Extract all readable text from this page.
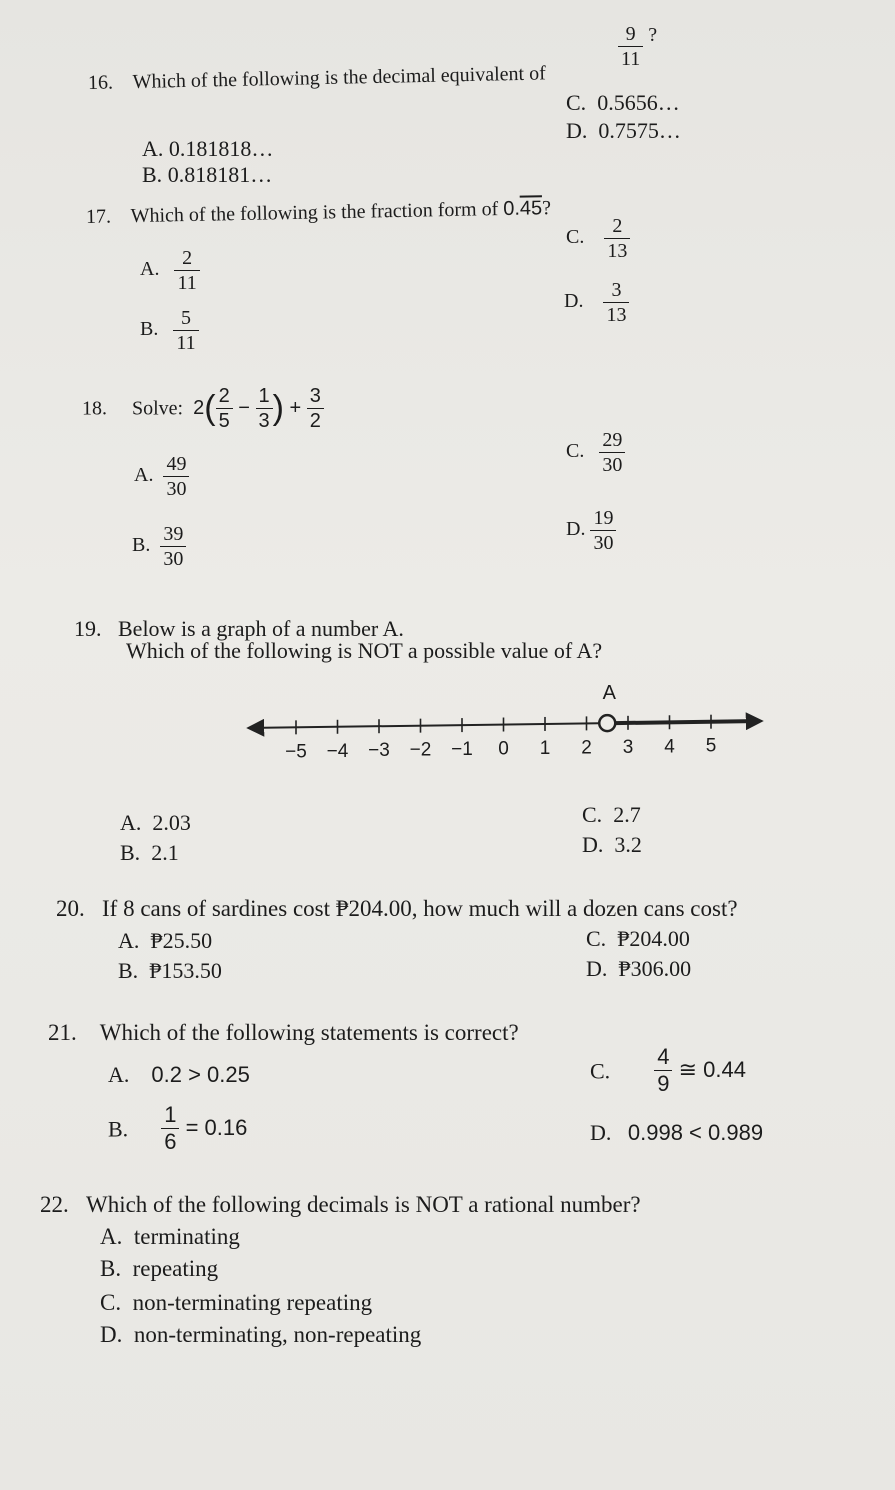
16. Which of the following is the decimal equivalent of
$\frac{9}{11}$ ?
A. 0.181818…
B. 0.818181…
C. 0.5656…
D. 0.7575…
17. Which of the following is the fraction form of 0.45?
A. $\frac{2}{11}$
B. $\frac{5}{11}$
C. $\frac{2}{13}$
D. $\frac{3}{13}$
18. Solve: $2( \frac{2}{5} - \frac{1}{3}$ ) + $\frac{3}{2}$
A. $\frac{49}{30}$
B. $\frac{39}{30}$
C. $\frac{29}{30}$
D. $\frac{19}{30}$
19. Below is a graph of a number A.
Which of the following is NOT a possible value of A?
−5 −4 −3 −2 −1 0 1 2 3 4 5
A
A. 2.03
B. 2.1
C. 2.7
D. 3.2
20. If 8 cans of sardines cost ₱204.00, how much will a dozen cans cost?
A. ₱25.50
B. ₱153.50
C. ₱204.00
D. ₱306.00
21. Which of the following statements is correct?
A. 0.2 > 0.25
B. $\frac{1}{6} = 0.16$
C. $\frac{4}{9}$ ≅ 0.44
D. 0.998 < 0.989
22. Which of the following decimals is NOT a rational number?
A. terminating
B. repeating
C. non-terminating repeating
D. non-terminating, non-repeating
